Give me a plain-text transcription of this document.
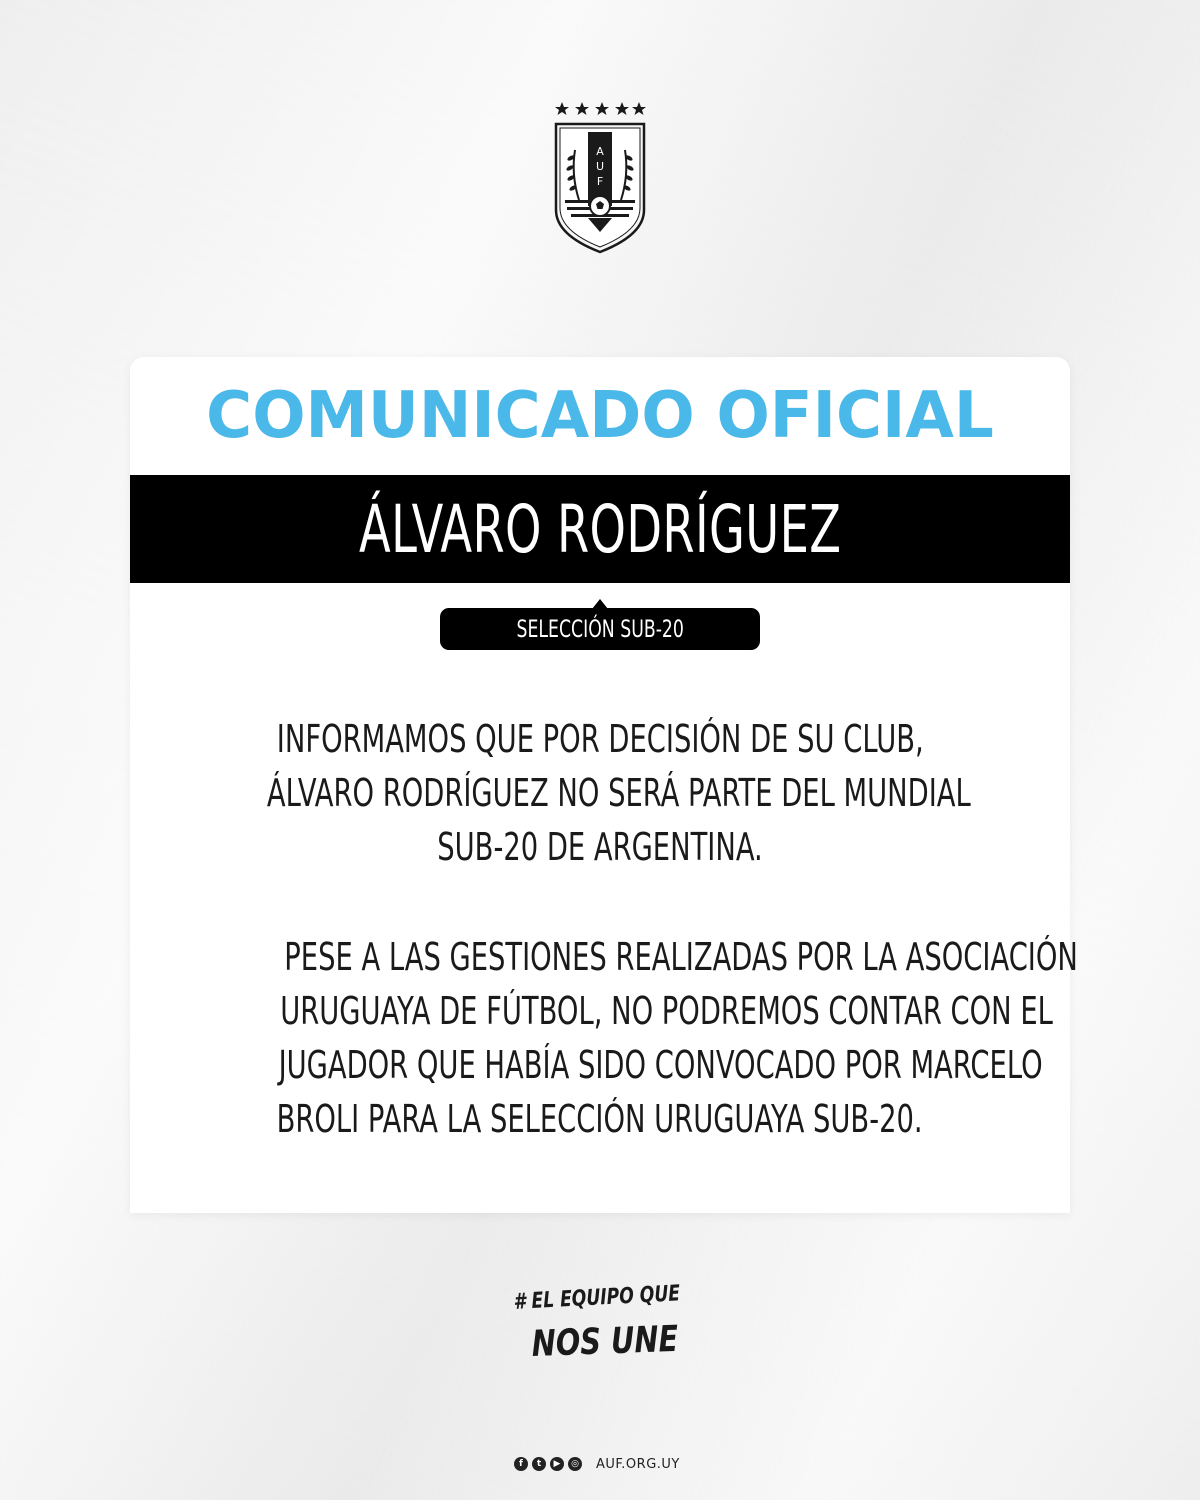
A
U
F
COMUNICADO OFICIAL
ÁLVARO RODRÍGUEZ
SELECCIÓN SUB-20
INFORMAMOS QUE POR DECISIÓN DE SU CLUB,
ÁLVARO RODRÍGUEZ NO SERÁ PARTE DEL MUNDIAL
SUB-20 DE ARGENTINA.
PESE A LAS GESTIONES REALIZADAS POR LA ASOCIACIÓN
URUGUAYA DE FÚTBOL, NO PODREMOS CONTAR CON EL
JUGADOR QUE HABÍA SIDO CONVOCADO POR MARCELO
BROLI PARA LA SELECCIÓN URUGUAYA SUB-20.
# EL EQUIPO QUE
NOS UNE
f	t	▶	◎ AUF.ORG.UY
